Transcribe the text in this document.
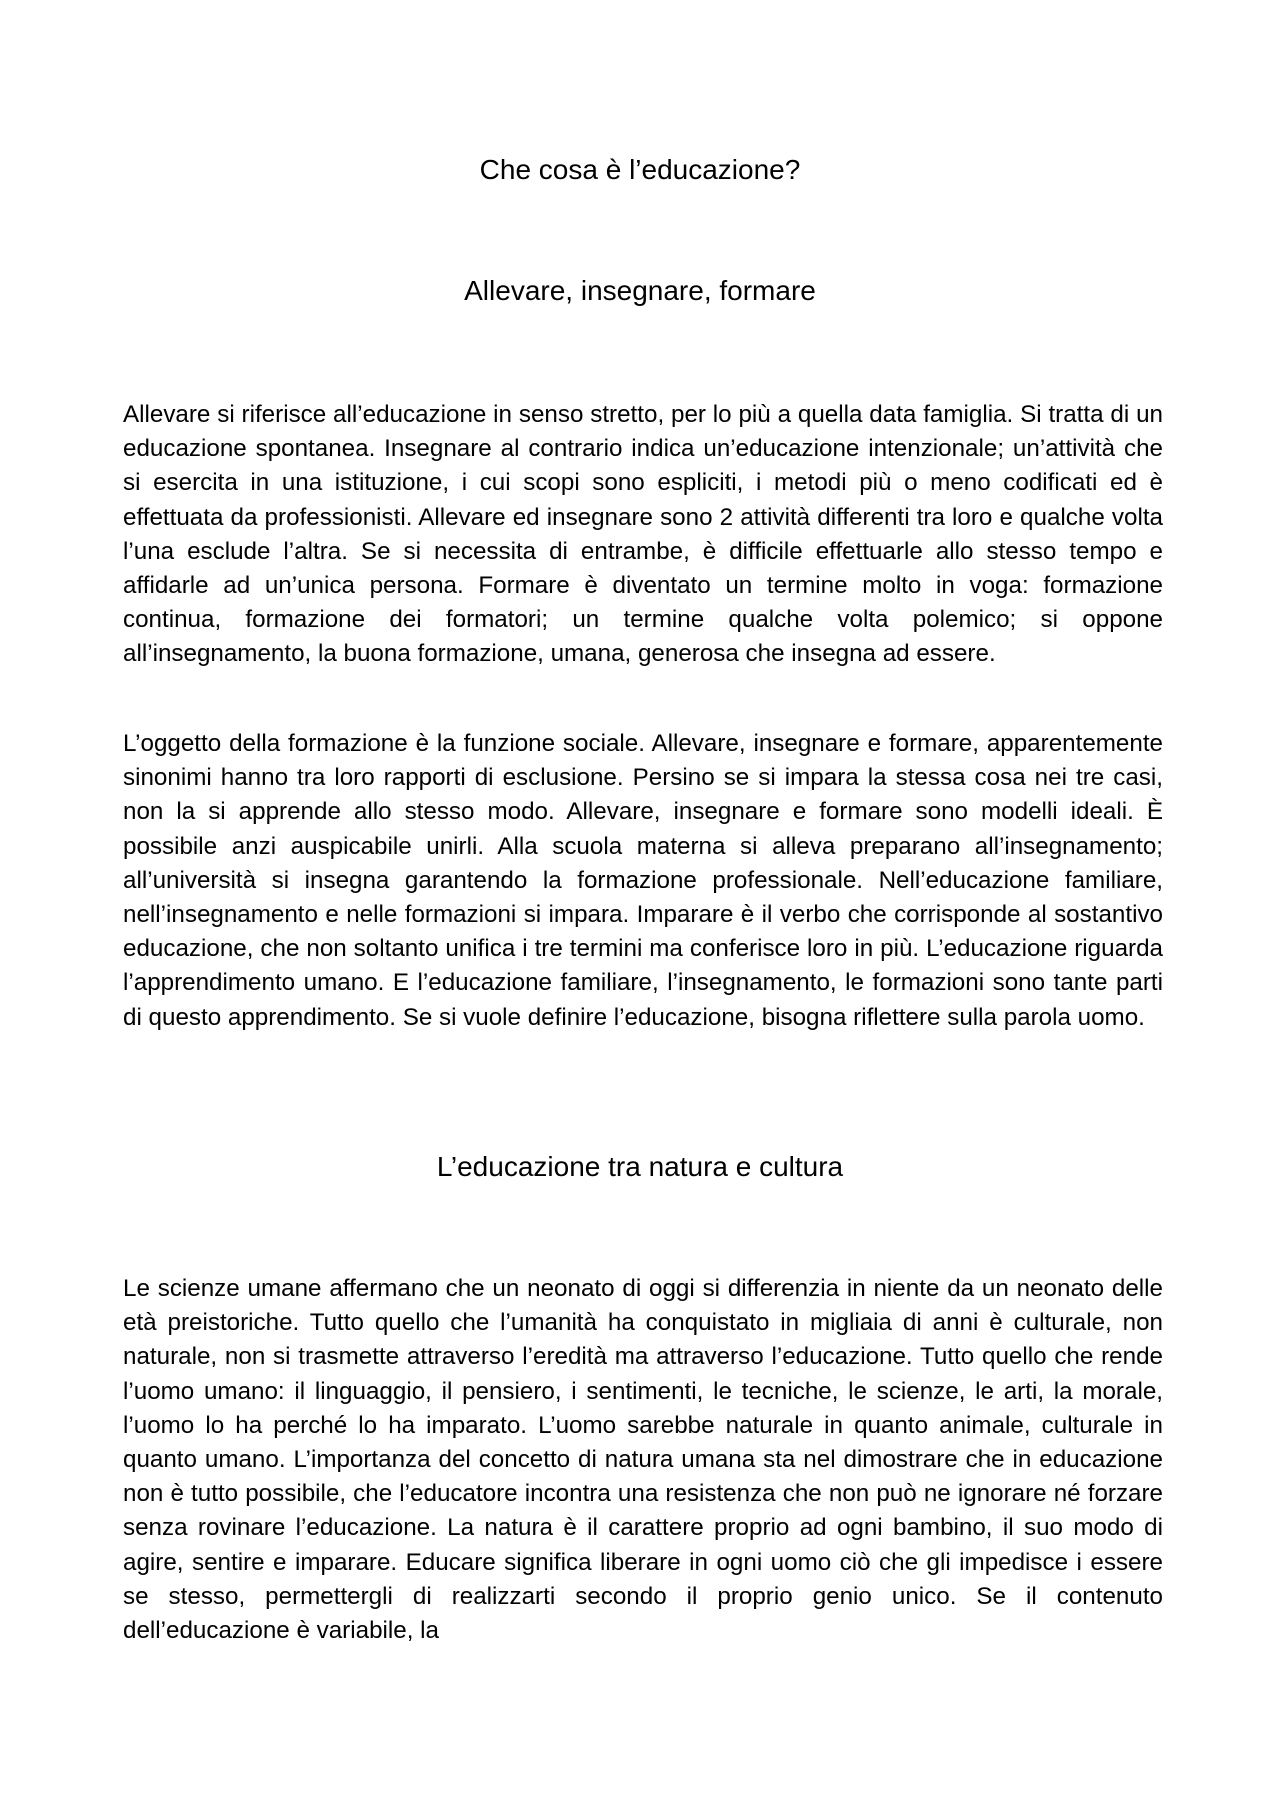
Che cosa è l’educazione?
Allevare, insegnare, formare

Allevare si riferisce all’educazione in senso stretto, per lo più a quella data famiglia. Si tratta di un educazione spontanea. Insegnare al contrario indica un’educazione intenzionale; un’attività che si esercita in una istituzione, i cui scopi sono espliciti, i metodi più o meno codificati ed è effettuata da professionisti. Allevare ed insegnare sono 2 attività differenti tra loro e qualche volta l’una esclude l’altra. Se si necessita di entrambe, è difficile effettuarle allo stesso tempo e affidarle ad un’unica persona. Formare è diventato un termine molto in voga: formazione continua, formazione dei formatori; un termine qualche volta polemico; si oppone all’insegnamento, la buona formazione, umana, generosa che insegna ad essere.

L’oggetto della formazione è la funzione sociale. Allevare, insegnare e formare, apparentemente sinonimi hanno tra loro rapporti di esclusione. Persino se si impara la stessa cosa nei tre casi, non la si apprende allo stesso modo. Allevare, insegnare e formare sono modelli ideali. È possibile anzi auspicabile unirli. Alla scuola materna si alleva preparano all’insegnamento; all’università si insegna garantendo la formazione professionale. Nell’educazione familiare, nell’insegnamento e nelle formazioni si impara. Imparare è il verbo che corrisponde al sostantivo educazione, che non soltanto unifica i tre termini ma conferisce loro in più. L’educazione riguarda l’apprendimento umano. E l’educazione familiare, l’insegnamento, le formazioni sono tante parti di questo apprendimento. Se si vuole definire l’educazione, bisogna riflettere sulla parola uomo.

L’educazione tra natura e cultura

Le scienze umane affermano che un neonato di oggi si differenzia in niente da un neonato delle età preistoriche. Tutto quello che l’umanità ha conquistato in migliaia di anni è culturale, non naturale, non si trasmette attraverso l’eredità ma attraverso l’educazione. Tutto quello che rende l’uomo umano: il linguaggio, il pensiero, i sentimenti, le tecniche, le scienze, le arti, la morale, l’uomo lo ha perché lo ha imparato. L’uomo sarebbe naturale in quanto animale, culturale in quanto umano. L’importanza del concetto di natura umana sta nel dimostrare che in educazione non è tutto possibile, che l’educatore incontra una resistenza che non può ne ignorare né forzare senza rovinare l’educazione. La natura è il carattere proprio ad ogni bambino, il suo modo di agire, sentire e imparare. Educare significa liberare in ogni uomo ciò che gli impedisce i essere se stesso, permettergli di realizzarti secondo il proprio genio unico. Se il contenuto dell’educazione è variabile, la
